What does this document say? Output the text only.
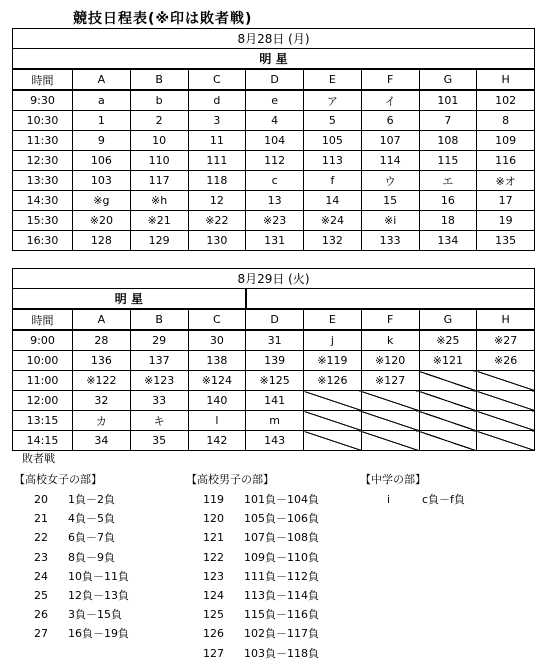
競技日程表(※印は敗者戦)
8月28日 (月)								
明 星								
時間	A	B	C	D	E	F	G	H
9:30	a	b	d	e	ア	イ	101	102
10:30	1	2	3	4	5	6	7	8
11:30	9	10	11	104	105	107	108	109
12:30	106	110	111	112	113	114	115	116
13:30	103	117	118	c	f	ウ	エ	※オ
14:30	※g	※h	12	13	14	15	16	17
15:30	※20	※21	※22	※23	※24	※i	18	19
16:30	128	129	130	131	132	133	134	135
8月29日 (火)								
明 星								
時間	A	B	C	D	E	F	G	H
9:00	28	29	30	31	j	k	※25	※27
10:00	136	137	138	139	※119	※120	※121	※26
11:00	※122	※123	※124	※125	※126	※127		
12:00	32	33	140	141				
13:15	カ	キ	l	m				
14:15	34	35	142	143				
敗者戦
【高校女子の部】
20 1負－2負
21 4負－5負
22 6負－7負
23 8負－9負
24 10負－11負
25 12負－13負
26 3負－15負
27 16負－19負
【高校男子の部】
119 101負－104負
120 105負－106負
121 107負－108負
122 109負－110負
123 111負－112負
124 113負－114負
125 115負－116負
126 102負－117負
127 103負－118負
【中学の部】
i	c負－f負
